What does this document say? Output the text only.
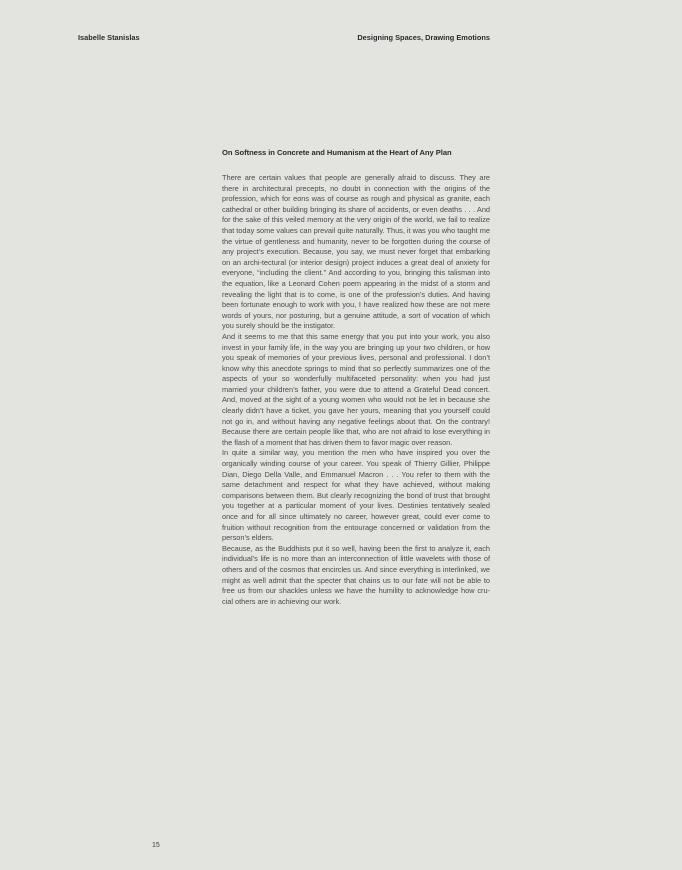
Isabelle Stanislas	Designing Spaces, Drawing Emotions
On Softness in Concrete and Humanism at the Heart of Any Plan

There are certain values that people are generally afraid to discuss. They are there in architectural precepts, no doubt in connection with the origins of the profession, which for eons was of course as rough and physical as granite, each cathedral or other building bringing its share of accidents, or even deaths . . . And for the sake of this veiled memory at the very origin of the world, we fail to realize that today some values can prevail quite naturally. Thus, it was you who taught me the virtue of gentleness and humanity, never to be forgotten during the course of any project’s execution. Because, you say, we must never forget that embarking on an archi-tectural (or interior design) project induces a great deal of anxiety for everyone, “including the client.” And according to you, bringing this talisman into the equation, like a Leonard Cohen poem appearing in the midst of a storm and revealing the light that is to come, is one of the profession’s duties. And having been fortunate enough to work with you, I have realized how these are not mere words of yours, nor posturing, but a genuine attitude, a sort of vocation of which you surely should be the instigator.

And it seems to me that this same energy that you put into your work, you also invest in your family life, in the way you are bringing up your two children, or how you speak of memories of your previous lives, personal and professional. I don’t know why this anecdote springs to mind that so perfectly summarizes one of the aspects of your so wonderfully multifaceted personality: when you had just married your children’s father, you were due to attend a Grateful Dead concert. And, moved at the sight of a young women who would not be let in because she clearly didn’t have a ticket, you gave her yours, meaning that you yourself could not go in, and without having any negative feelings about that. On the contrary! Because there are certain people like that, who are not afraid to lose everything in the flash of a moment that has driven them to favor magic over reason.

In quite a similar way, you mention the men who have inspired you over the organically winding course of your career. You speak of Thierry Gillier, Philippe Dian, Diego Della Valle, and Emmanuel Macron . . . You refer to them with the same detachment and respect for what they have achieved, without making comparisons between them. But clearly recognizing the bond of trust that brought you together at a particular moment of your lives. Destinies tentatively sealed once and for all since ultimately no career, however great, could ever come to fruition without recognition from the entourage concerned or validation from the person’s elders.

Because, as the Buddhists put it so well, having been the first to analyze it, each individual’s life is no more than an interconnection of little wavelets with those of others and of the cosmos that encircles us. And since everything is interlinked, we might as well admit that the specter that chains us to our fate will not be able to free us from our shackles unless we have the humility to acknowledge how cru-cial others are in achieving our work.

15
